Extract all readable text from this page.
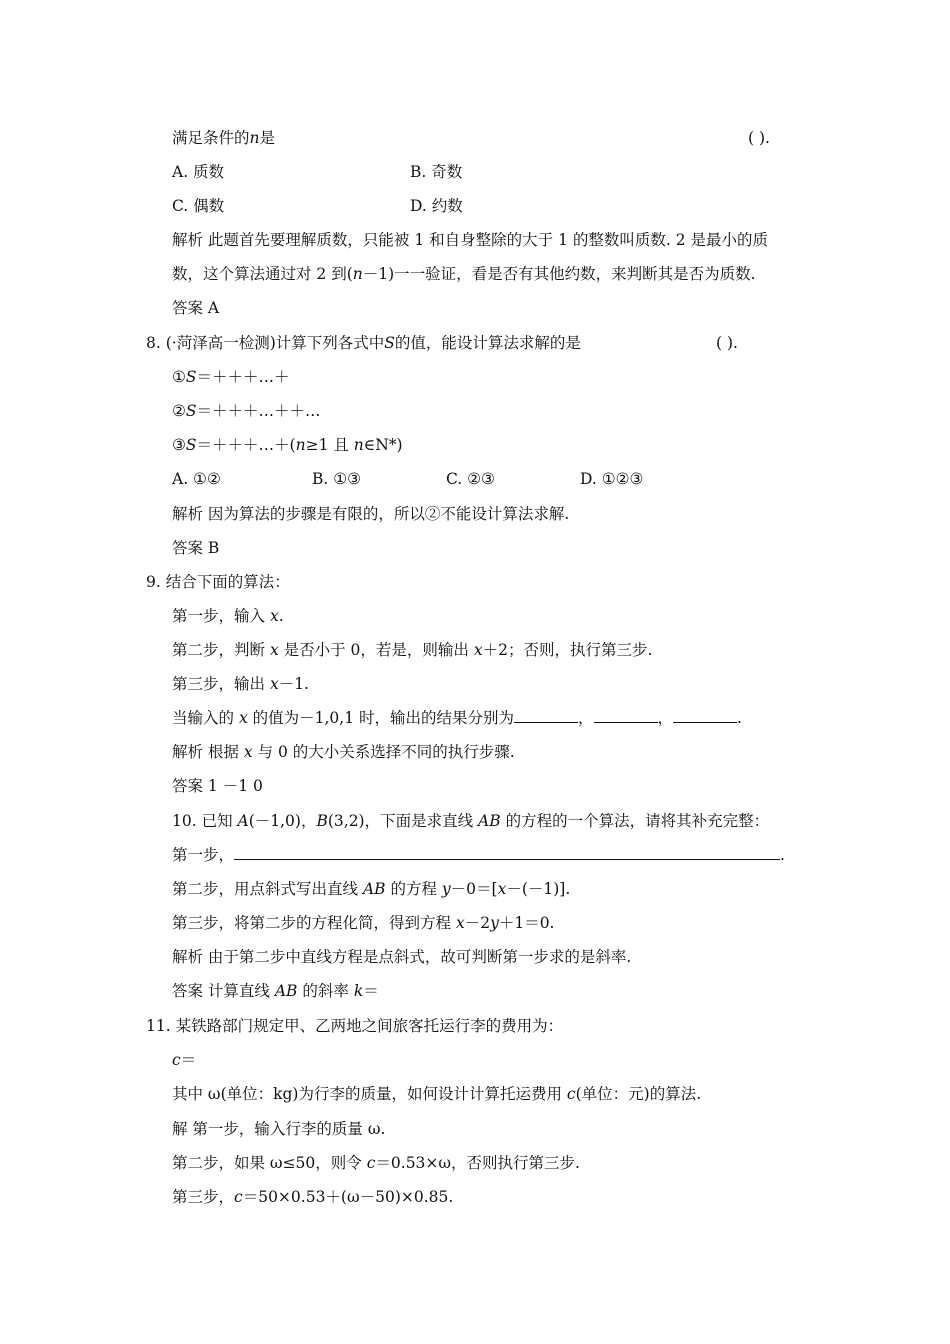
满足条件的n是	( ).
A. 质数	B. 奇数
C. 偶数	D. 约数
解析 此题首先要理解质数，只能被 1 和自身整除的大于 1 的整数叫质数. 2 是最小的质
数，这个算法通过对 2 到(n－1)一一验证，看是否有其他约数，来判断其是否为质数.
答案 A
8. (·菏泽高一检测)计算下列各式中S的值，能设计算法求解的是	( ).
①S＝＋＋＋…＋
②S＝＋＋＋…＋＋…
③S＝＋＋＋…＋(n≥1 且 n∈N*)
A. ①②	B. ①③	C. ②③	D. ①②③
解析 因为算法的步骤是有限的，所以②不能设计算法求解.
答案 B
9. 结合下面的算法：
第一步，输入 x.
第二步，判断 x 是否小于 0，若是，则输出 x＋2；否则，执行第三步.
第三步，输出 x－1.
当输入的 x 的值为－1,0,1 时，输出的结果分别为	，	，	.
解析 根据 x 与 0 的大小关系选择不同的执行步骤.
答案 1 －1 0
10. 已知 A(－1,0)，B(3,2)，下面是求直线 AB 的方程的一个算法，请将其补充完整：
第一步，	.
第二步，用点斜式写出直线 AB 的方程 y－0＝[x－(－1)].
第三步，将第二步的方程化简，得到方程 x－2y＋1＝0.
解析 由于第二步中直线方程是点斜式，故可判断第一步求的是斜率.
答案 计算直线 AB 的斜率 k＝
11. 某铁路部门规定甲、乙两地之间旅客托运行李的费用为：
c＝
其中 ω(单位：kg)为行李的质量，如何设计计算托运费用 c(单位：元)的算法.
解 第一步，输入行李的质量 ω.
第二步，如果 ω≤50，则令 c＝0.53×ω，否则执行第三步.
第三步，c＝50×0.53＋(ω－50)×0.85.
